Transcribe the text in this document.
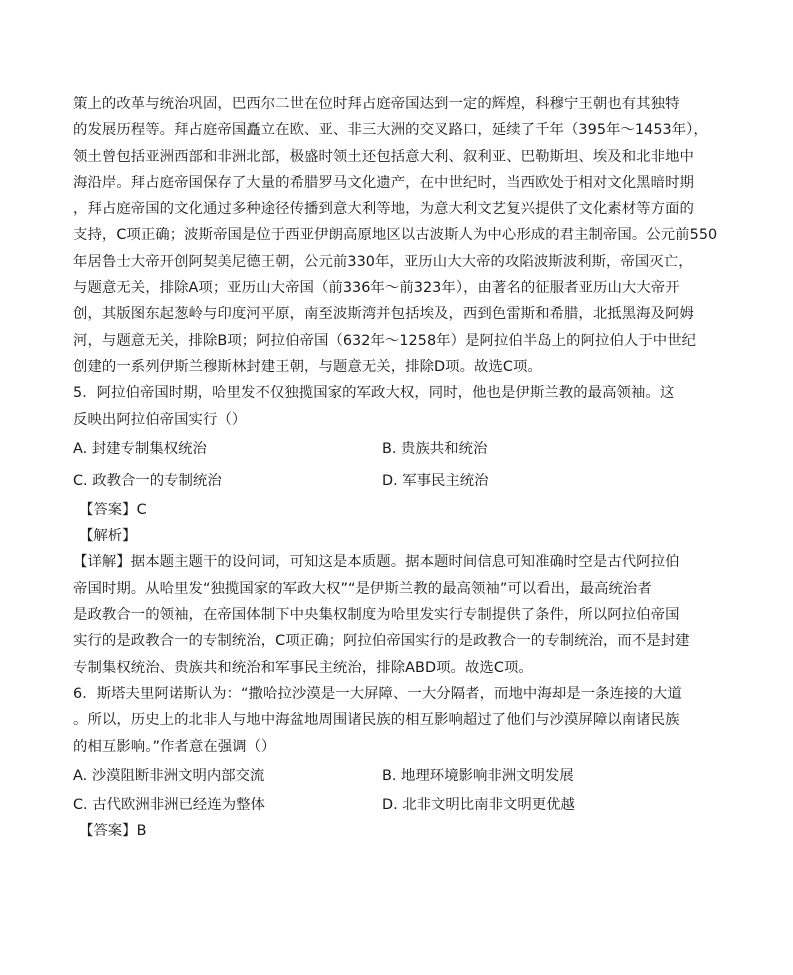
策上的改革与统治巩固，巴西尔二世在位时拜占庭帝国达到一定的辉煌，科穆宁王朝也有其独特
的发展历程等。拜占庭帝国矗立在欧、亚、非三大洲的交叉路口，延续了千年（395年～1453年），
领土曾包括亚洲西部和非洲北部，极盛时领土还包括意大利、叙利亚、巴勒斯坦、埃及和北非地中
海沿岸。拜占庭帝国保存了大量的希腊罗马文化遗产，在中世纪时，当西欧处于相对文化黑暗时期
，拜占庭帝国的文化通过多种途径传播到意大利等地，为意大利文艺复兴提供了文化素材等方面的
支持，C项正确；波斯帝国是位于西亚伊朗高原地区以古波斯人为中心形成的君主制帝国。公元前550
年居鲁士大帝开创阿契美尼德王朝，公元前330年，亚历山大大帝的攻陷波斯波利斯，帝国灭亡，
与题意无关，排除A项；亚历山大帝国（前336年～前323年），由著名的征服者亚历山大大帝开
创，其版图东起葱岭与印度河平原，南至波斯湾并包括埃及，西到色雷斯和希腊，北抵黑海及阿姆
河，与题意无关，排除B项；阿拉伯帝国（632年～1258年）是阿拉伯半岛上的阿拉伯人于中世纪
创建的一系列伊斯兰穆斯林封建王朝，与题意无关，排除D项。故选C项。
5．阿拉伯帝国时期，哈里发不仅独揽国家的军政大权，同时，他也是伊斯兰教的最高领袖。这
反映出阿拉伯帝国实行（）
A. 封建专制集权统治	B. 贵族共和统治
C. 政教合一的专制统治	D. 军事民主统治
【答案】C
【解析】
【详解】据本题主题干的设问词，可知这是本质题。据本题时间信息可知准确时空是古代阿拉伯
帝国时期。从哈里发“独揽国家的军政大权”“是伊斯兰教的最高领袖”可以看出，最高统治者
是政教合一的领袖，在帝国体制下中央集权制度为哈里发实行专制提供了条件，所以阿拉伯帝国
实行的是政教合一的专制统治，C项正确；阿拉伯帝国实行的是政教合一的专制统治，而不是封建
专制集权统治、贵族共和统治和军事民主统治，排除ABD项。故选C项。
6．斯塔夫里阿诺斯认为：“撒哈拉沙漠是一大屏障、一大分隔者，而地中海却是一条连接的大道
。所以，历史上的北非人与地中海盆地周围诸民族的相互影响超过了他们与沙漠屏障以南诸民族
的相互影响。”作者意在强调（）
A. 沙漠阻断非洲文明内部交流	B. 地理环境影响非洲文明发展
C. 古代欧洲非洲已经连为整体	D. 北非文明比南非文明更优越
【答案】B
